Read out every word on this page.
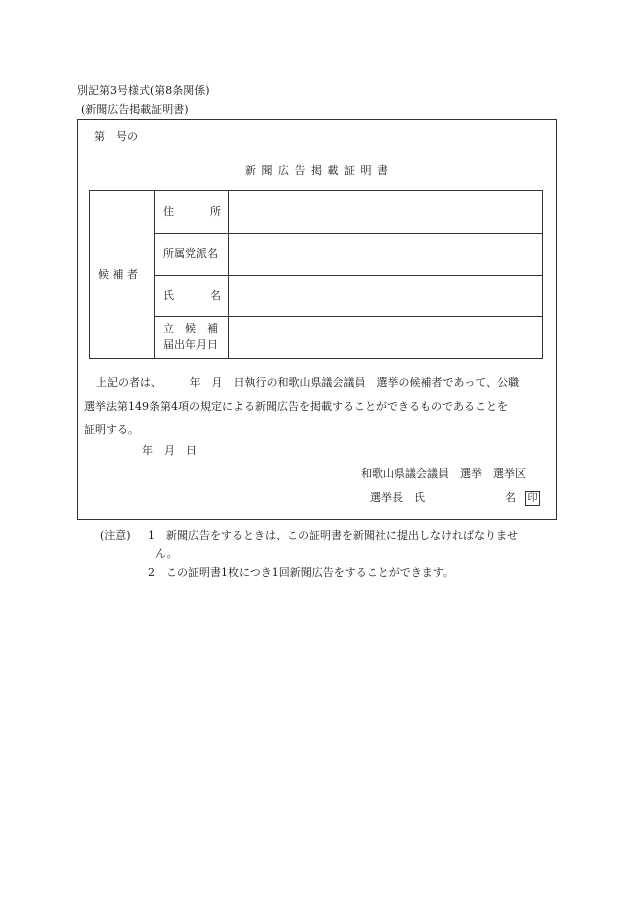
別記第3号様式(第8条関係)
(新聞広告掲載証明書)
第　号の
新 聞 広 告 掲 載 証 明 書
候 補 者
住	所
所属党派名
氏	名
立　候　補
届出年月日
上記の者は、　　　年　月　日執行の和歌山県議会議員　選挙の候補者であって、公職
選挙法第149条第4項の規定による新聞広告を掲載することができるものであることを
証明する。
年　月　日
和歌山県議会議員　選挙　選挙区
選挙長　氏	名 印
(注意) 1 新聞広告をするときは、この証明書を新聞社に提出しなければなりませ
ん。
2 この証明書1枚につき1回新聞広告をすることができます。
